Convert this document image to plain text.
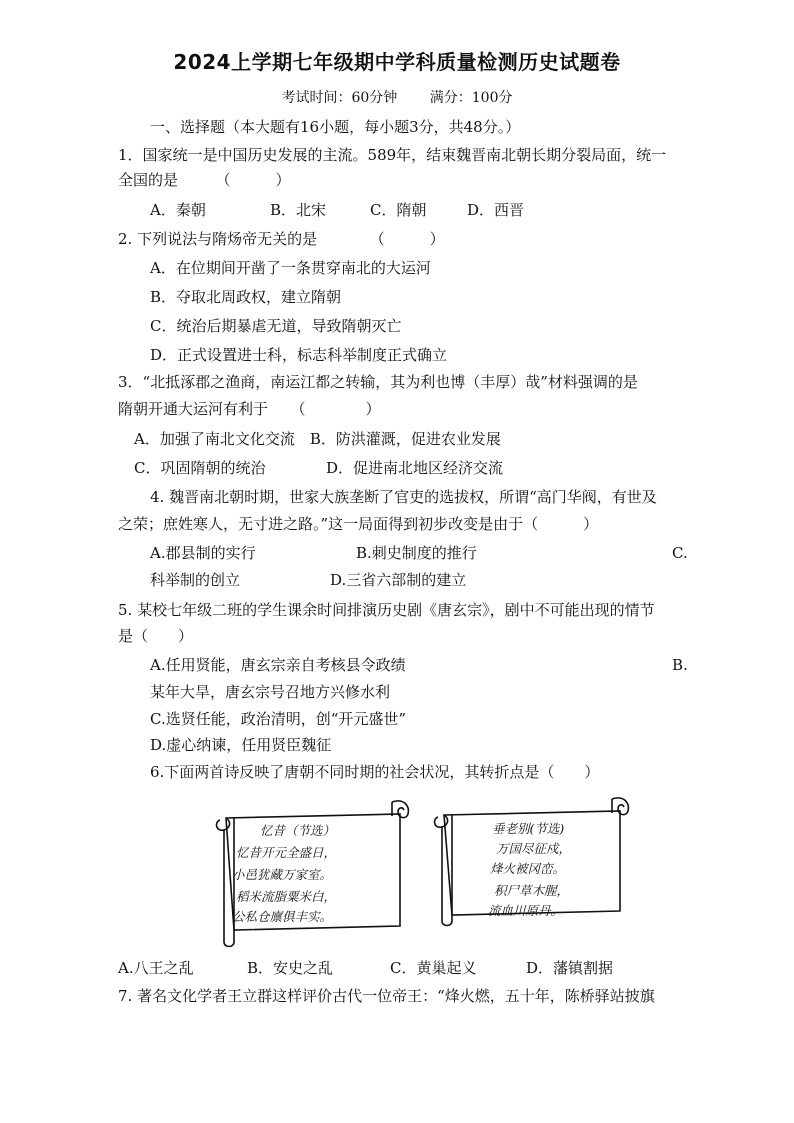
2024上学期七年级期中学科质量检测历史试题卷
考试时间：60分钟 满分：100分
一、选择题（本大题有16小题，每小题3分，共48分。）
1．国家统一是中国历史发展的主流。589年，结束魏晋南北朝长期分裂局面，统一
全国的是　　　（　　　）
A．秦朝	B．北宋	C．隋朝	D．西晋
2. 下列说法与隋炀帝无关的是　　　　（　　　）
A．在位期间开凿了一条贯穿南北的大运河
B．夺取北周政权，建立隋朝
C．统治后期暴虐无道，导致隋朝灭亡
D．正式设置进士科，标志科举制度正式确立
3．“北抵涿郡之渔商，南运江都之转输，其为利也博（丰厚）哉”材料强调的是
隋朝开通大运河有利于　　（　　　　）
A．加强了南北文化交流　B．防洪灌溉，促进农业发展
C．巩固隋朝的统治	D．促进南北地区经济交流
4. 魏晋南北朝时期，世家大族垄断了官吏的选拔权，所谓“高门华阀，有世及
之荣；庶姓寒人，无寸进之路。”这一局面得到初步改变是由于（　　　）
A.郡县制的实行	B.刺史制度的推行	C.
科举制的创立	D.三省六部制的建立
5. 某校七年级二班的学生课余时间排演历史剧《唐玄宗》，剧中不可能出现的情节
是（　　）
A.任用贤能，唐玄宗亲自考核县令政绩	B.
某年大旱，唐玄宗号召地方兴修水利
C.选贤任能，政治清明，创“开元盛世”
D.虚心纳谏，任用贤臣魏征
6.下面两首诗反映了唐朝不同时期的社会状况，其转折点是（　　）
忆昔（节选）
忆昔开元全盛日，
小邑犹藏万家室。
稻米流脂粟米白，
公私仓廪俱丰实。
垂老别(节选)
万国尽征戍，
烽火被冈峦。
积尸草木腥，
流血川原丹。
A.八王之乱	B．安史之乱	C．黄巢起义	D．藩镇割据
7. 著名文化学者王立群这样评价古代一位帝王：“烽火燃，五十年，陈桥驿站披旗
